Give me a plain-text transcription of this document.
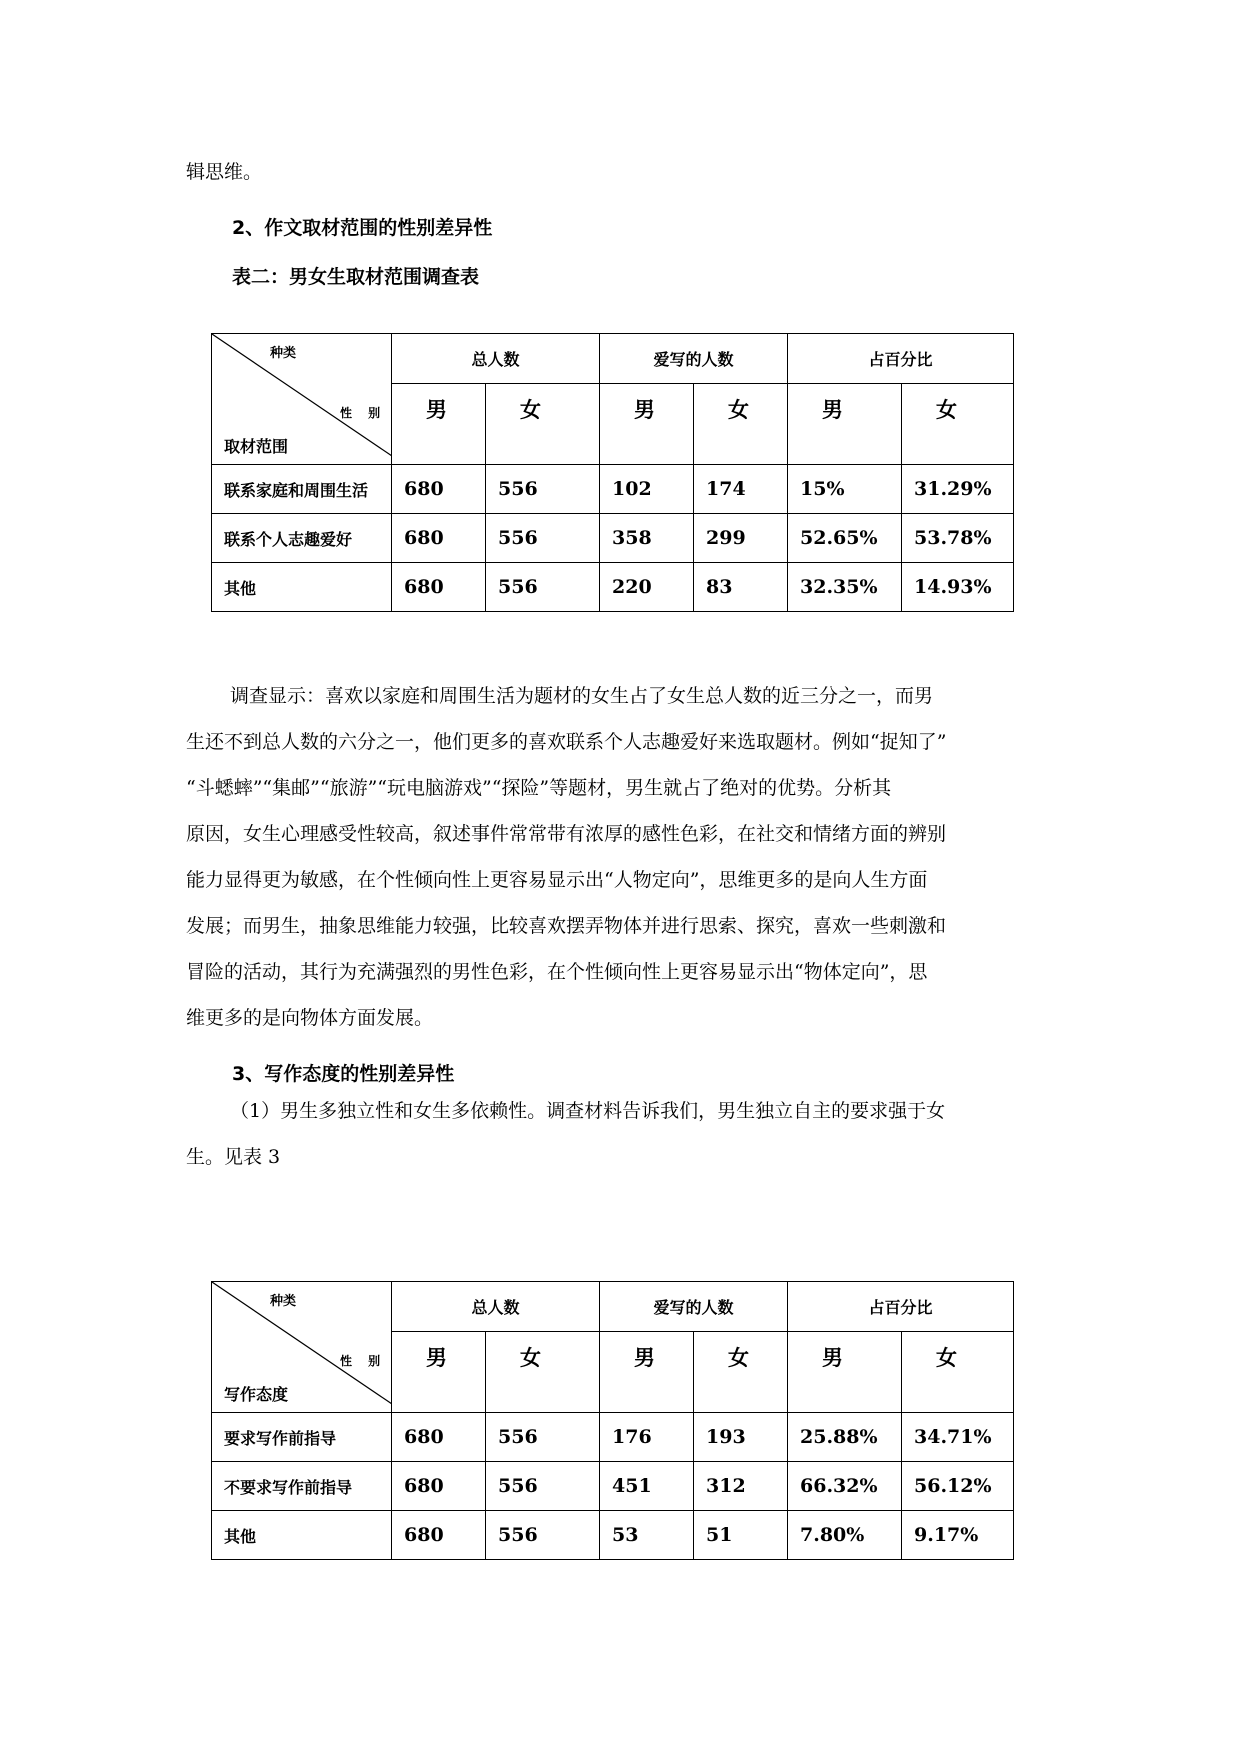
辑思维。
2、作文取材范围的性别差异性
表二：男女生取材范围调查表
种类
性 别
取材范围	总人数		爱写的人数		占百分比	
	男	女	男	女	男	女
联系家庭和周围生活	680	556	102	174	15%	31.29%
联系个人志趣爱好	680	556	358	299	52.65%	53.78%
其他	680	556	220	83	32.35%	14.93%
调查显示：喜欢以家庭和周围生活为题材的女生占了女生总人数的近三分之一，而男
生还不到总人数的六分之一，他们更多的喜欢联系个人志趣爱好来选取题材。例如“捉知了”
“斗蟋蟀”“集邮”“旅游”“玩电脑游戏”“探险”等题材，男生就占了绝对的优势。分析其
原因，女生心理感受性较高，叙述事件常常带有浓厚的感性色彩，在社交和情绪方面的辨别
能力显得更为敏感，在个性倾向性上更容易显示出“人物定向”，思维更多的是向人生方面
发展；而男生，抽象思维能力较强，比较喜欢摆弄物体并进行思索、探究，喜欢一些刺激和
冒险的活动，其行为充满强烈的男性色彩，在个性倾向性上更容易显示出“物体定向”，思
维更多的是向物体方面发展。
3、写作态度的性别差异性
（1）男生多独立性和女生多依赖性。调查材料告诉我们，男生独立自主的要求强于女
生。见表 3
种类
性 别
写作态度	总人数		爱写的人数		占百分比	
	男	女	男	女	男	女
要求写作前指导	680	556	176	193	25.88%	34.71%
不要求写作前指导	680	556	451	312	66.32%	56.12%
其他	680	556	53	51	7.80%	9.17%
